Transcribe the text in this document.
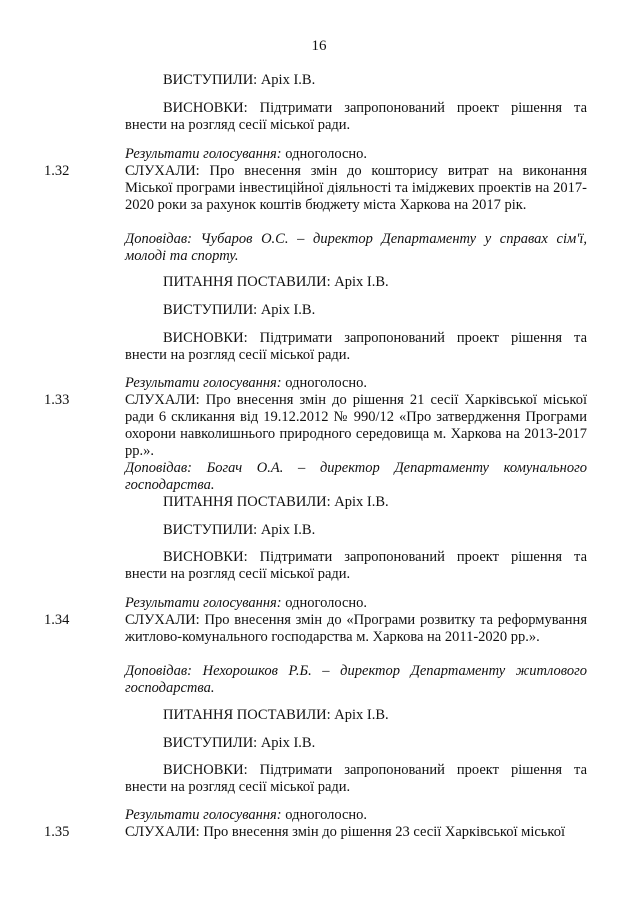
16
ВИСТУПИЛИ: Аріх І.В.
ВИСНОВКИ: Підтримати запропонований проект рішення та внести на розгляд сесії міської ради.
Результати голосування: одноголосно.
1.32	СЛУХАЛИ: Про внесення змін до кошторису витрат на виконання Міської програми інвестиційної діяльності та іміджевих проектів на 2017-2020 роки за рахунок коштів бюджету міста Харкова на 2017 рік.
Доповідав: Чубаров О.С. – директор Департаменту у справах сім'ї, молоді та спорту.
ПИТАННЯ ПОСТАВИЛИ: Аріх І.В.
ВИСТУПИЛИ: Аріх І.В.
ВИСНОВКИ: Підтримати запропонований проект рішення та внести на розгляд сесії міської ради.
Результати голосування: одноголосно.
1.33	СЛУХАЛИ: Про внесення змін до рішення 21 сесії Харківської міської ради 6 скликання від 19.12.2012 № 990/12 «Про затвердження Програми охорони навколишнього природного середовища м. Харкова на 2013-2017 рр.».
Доповідав: Богач О.А. – директор Департаменту комунального господарства.
ПИТАННЯ ПОСТАВИЛИ: Аріх І.В.
ВИСТУПИЛИ: Аріх І.В.
ВИСНОВКИ: Підтримати запропонований проект рішення та внести на розгляд сесії міської ради.
Результати голосування: одноголосно.
1.34	СЛУХАЛИ: Про внесення змін до «Програми розвитку та реформування житлово-комунального господарства м. Харкова на 2011-2020 рр.».
Доповідав: Нехорошков Р.Б. – директор Департаменту житлового господарства.
ПИТАННЯ ПОСТАВИЛИ: Аріх І.В.
ВИСТУПИЛИ: Аріх І.В.
ВИСНОВКИ: Підтримати запропонований проект рішення та внести на розгляд сесії міської ради.
Результати голосування: одноголосно.
1.35	СЛУХАЛИ: Про внесення змін до рішення 23 сесії Харківської міської
